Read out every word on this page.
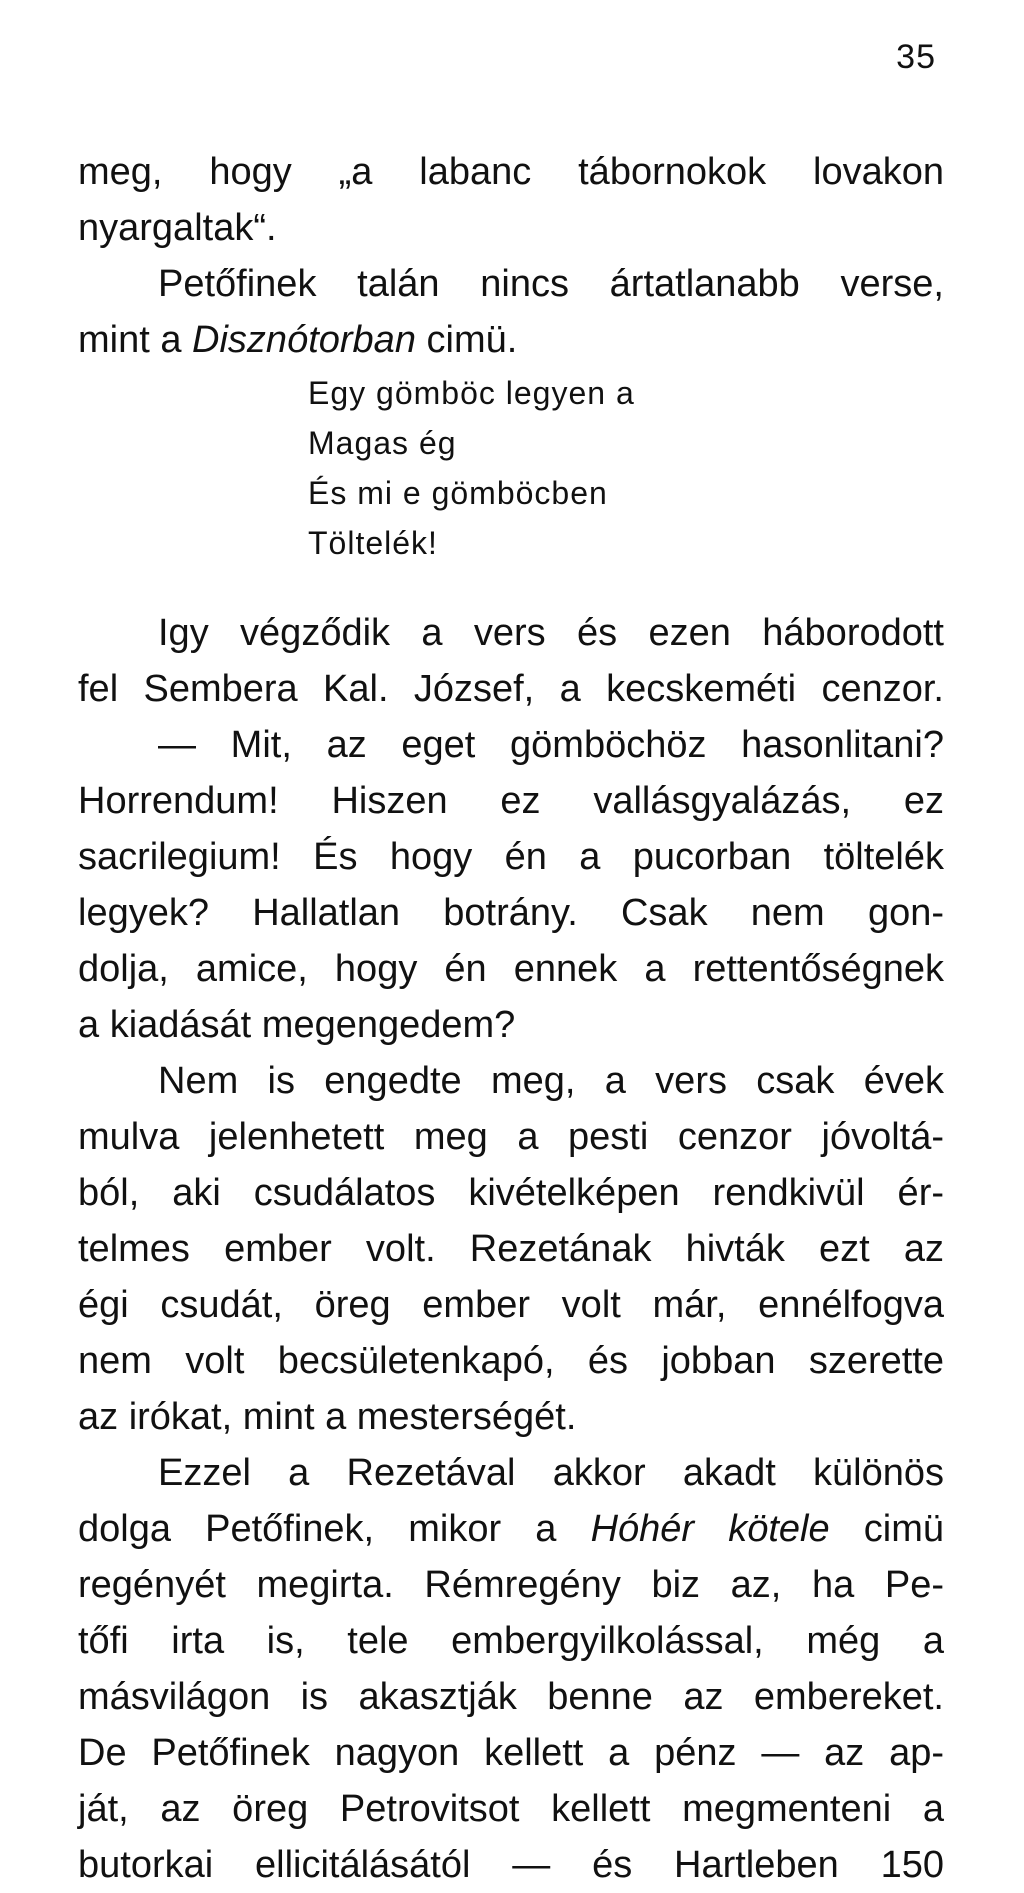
35
meg, hogy „a labanc tábornokok lovakon
nyargaltak“.
Petőfinek talán nincs ártatlanabb verse,
mint a Disznótorban cimü.
Egy gömböc legyen a
Magas ég
És mi e gömböcben
Töltelék!
Igy végződik a vers és ezen háborodott
fel Sembera Kal. József, a kecskeméti cenzor.
— Mit, az eget gömböchöz hasonlitani?
Horrendum! Hiszen ez vallásgyalázás, ez
sacrilegium! És hogy én a pucorban töltelék
legyek? Hallatlan botrány. Csak nem gon-
dolja, amice, hogy én ennek a rettentőségnek
a kiadását megengedem?
Nem is engedte meg, a vers csak évek
mulva jelenhetett meg a pesti cenzor jóvoltá-
ból, aki csudálatos kivételképen rendkivül ér-
telmes ember volt. Rezetának hivták ezt az
égi csudát, öreg ember volt már, ennélfogva
nem volt becsületenkapó, és jobban szerette
az irókat, mint a mesterségét.
Ezzel a Rezetával akkor akadt különös
dolga Petőfinek, mikor a Hóhér kötele cimü
regényét megirta. Rémregény biz az, ha Pe-
tőfi irta is, tele embergyilkolással, még a
másvilágon is akasztják benne az embereket.
De Petőfinek nagyon kellett a pénz — az ap-
ját, az öreg Petrovitsot kellett megmenteni a
butorkai ellicitálásától — és Hartleben 150
